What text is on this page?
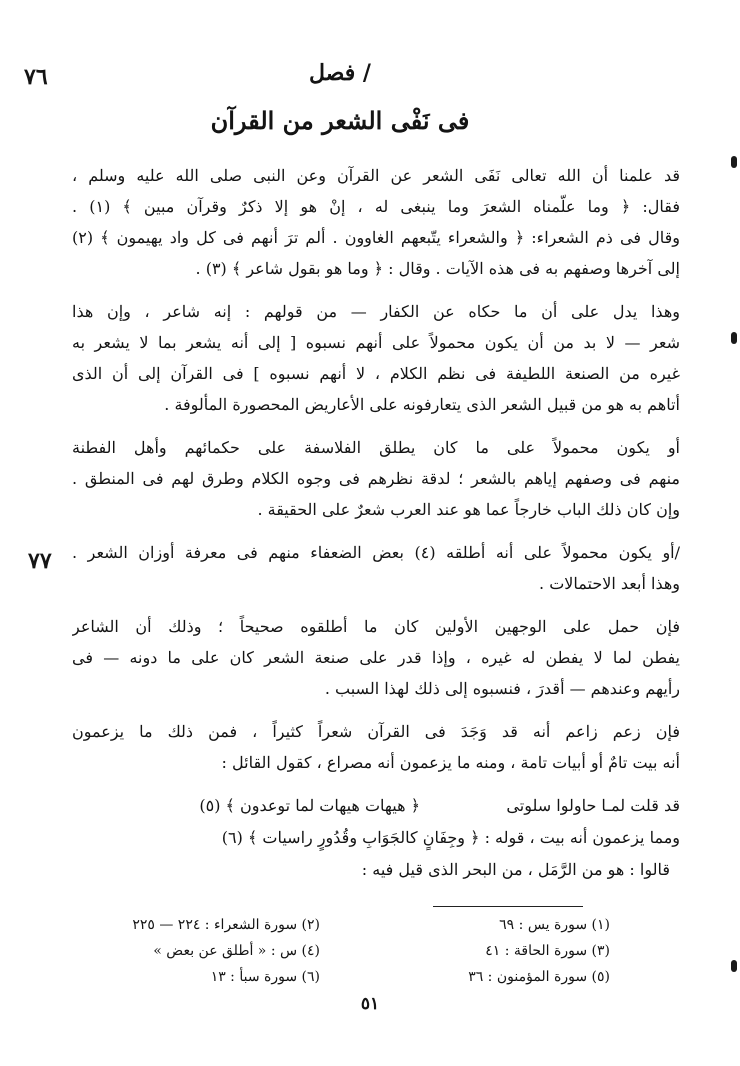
٧٦	/ فصل
فى نَفْى الشعر من القرآن
٧٧
قد علمنا أن الله تعالى نَفَى الشعر عن القرآن وعن النبى صلى الله عليه وسلم ،
فقال: ﴿ وما علّمناه الشعرَ وما ينبغى له ، إنْ هو إلا ذكرٌ وقرآن مبين ﴾ (١) .
وقال فى ذم الشعراء: ﴿ والشعراء يتّبعهم الغاوون . ألم ترَ أنهم فى كل واد يهيمون ﴾ (٢)
إلى آخرها وصفهم به فى هذه الآيات . وقال : ﴿ وما هو بقول شاعر ﴾ (٣) .
وهذا يدل على أن ما حكاه عن الكفار — من قولهم : إنه شاعر ، وإن هذا
شعر — لا بد من أن يكون محمولاً على أنهم نسبوه [ إلى أنه يشعر بما لا يشعر به
غيره من الصنعة اللطيفة فى نظم الكلام ، لا أنهم نسبوه ] فى القرآن إلى أن الذى
أتاهم به هو من قبيل الشعر الذى يتعارفونه على الأعاريض المحصورة المألوفة .
أو يكون محمولاً على ما كان يطلق الفلاسفة على حكمائهم وأهل الفطنة
منهم فى وصفهم إياهم بالشعر ؛ لدقة نظرهم فى وجوه الكلام وطرق لهم فى المنطق .
وإن كان ذلك الباب خارجاً عما هو عند العرب شعرٌ على الحقيقة .
/أو يكون محمولاً على أنه أطلقه (٤) بعض الضعفاء منهم فى معرفة أوزان الشعر .
وهذا أبعد الاحتمالات .
فإن حمل على الوجهين الأولين كان ما أطلقوه صحيحاً ؛ وذلك أن الشاعر
يفطن لما لا يفطن له غيره ، وإذا قدر على صنعة الشعر كان على ما دونه — فى
رأيهم وعندهم — أقدرَ ، فنسبوه إلى ذلك لهذا السبب .
فإن زعم زاعم أنه قد وَجَدَ فى القرآن شعراً كثيراً ، فمن ذلك ما يزعمون
أنه بيت تامٌ أو أبيات تامة ، ومنه ما يزعمون أنه مصراع ، كقول القائل :
قد قلت لمـا حاولوا سلوتى
﴿ هيهات هيهات لما توعدون ﴾ (٥)
ومما يزعمون أنه بيت ، قوله : ﴿ وجِفَانٍ كالجَوَابِ وقُدُورٍ راسيات ﴾ (٦)
قالوا : هو من الرَّمَل ، من البحر الذى قيل فيه :
(١) سورة يس : ٦٩
(٣) سورة الحاقة : ٤١
(٥) سورة المؤمنون : ٣٦
(٢) سورة الشعراء : ٢٢٤ — ٢٢٥
(٤) س : « أطلق عن بعض »
(٦) سورة سبأ : ١٣
٥١
